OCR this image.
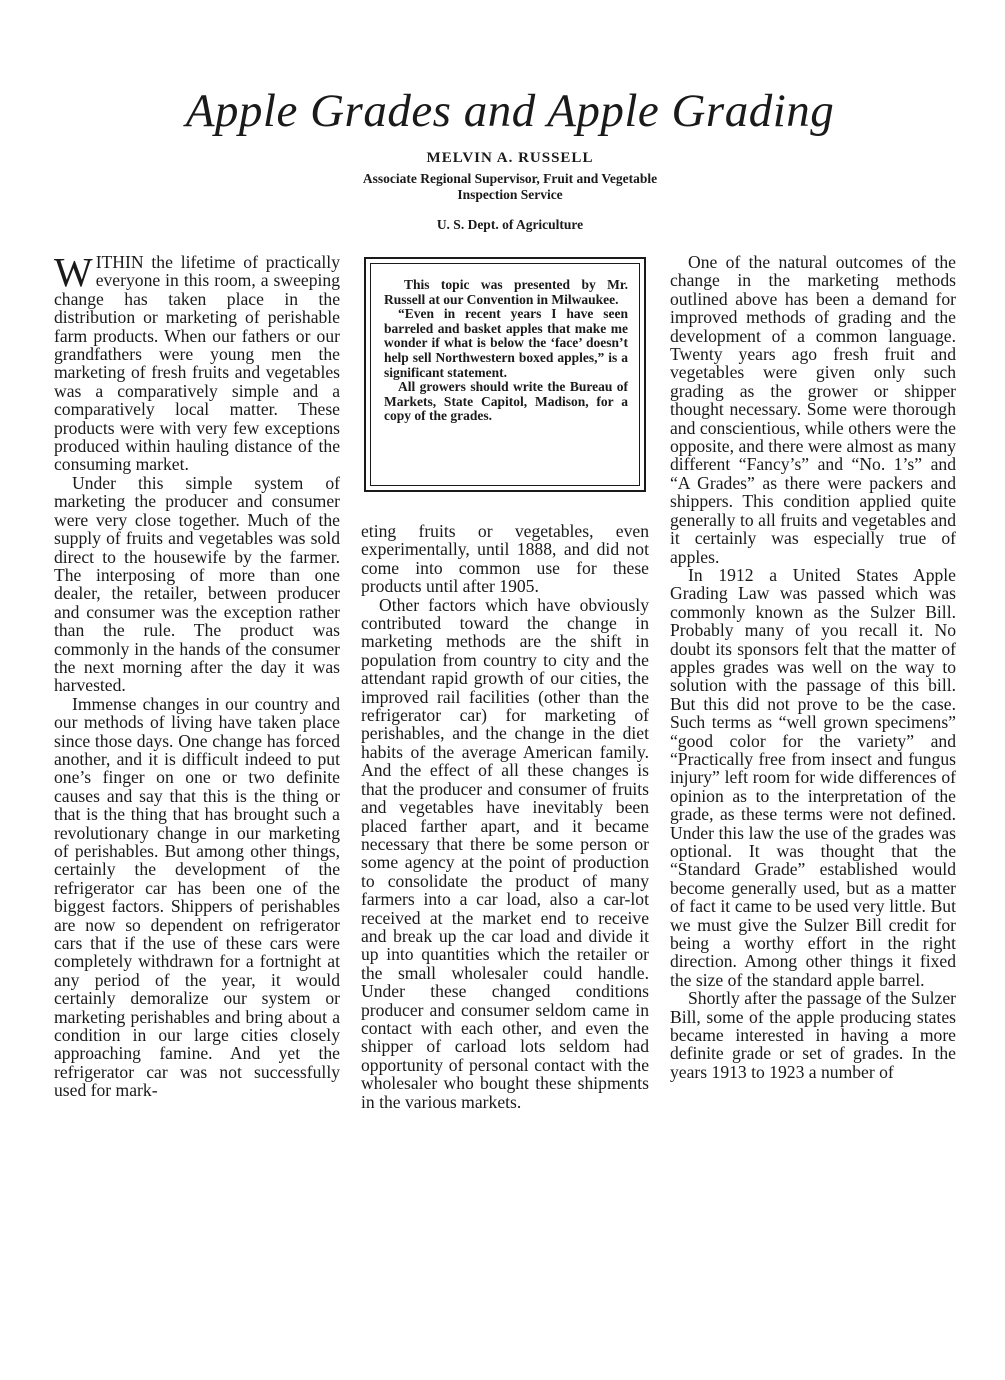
Apple Grades and Apple Grading
MELVIN A. RUSSELL
Associate Regional Supervisor, Fruit and Vegetable Inspection Service
U. S. Dept. of Agriculture

WITHIN the lifetime of practically everyone in this room, a sweeping change has taken place in the distribution or marketing of perishable farm products. When our fathers or our grandfathers were young men the marketing of fresh fruits and vegetables was a comparatively simple and a comparatively local matter. These products were with very few exceptions produced within hauling distance of the consuming market.

Under this simple system of marketing the producer and consumer were very close together. Much of the supply of fruits and vegetables was sold direct to the housewife by the farmer. The interposing of more than one dealer, the retailer, between producer and consumer was the exception rather than the rule. The product was commonly in the hands of the consumer the next morning after the day it was harvested.

Immense changes in our country and our methods of living have taken place since those days. One change has forced another, and it is difficult indeed to put one’s finger on one or two definite causes and say that this is the thing or that is the thing that has brought such a revolutionary change in our marketing of perishables. But among other things, certainly the development of the refrigerator car has been one of the biggest factors. Shippers of perishables are now so dependent on refrigerator cars that if the use of these cars were completely withdrawn for a fortnight at any period of the year, it would certainly demoralize our system or marketing perishables and bring about a condition in our large cities closely approaching famine. And yet the refrigerator car was not successfully used for mark-

This topic was presented by Mr. Russell at our Convention in Milwaukee.

“Even in recent years I have seen barreled and basket apples that make me wonder if what is below the ‘face’ doesn’t help sell Northwestern boxed apples,” is a significant statement.

All growers should write the Bureau of Markets, State Capitol, Madison, for a copy of the grades.

eting fruits or vegetables, even experimentally, until 1888, and did not come into common use for these products until after 1905.

Other factors which have obviously contributed toward the change in marketing methods are the shift in population from country to city and the attendant rapid growth of our cities, the improved rail facilities (other than the refrigerator car) for marketing of perishables, and the change in the diet habits of the average American family. And the effect of all these changes is that the producer and consumer of fruits and vegetables have inevitably been placed farther apart, and it became necessary that there be some person or some agency at the point of production to consolidate the product of many farmers into a car load, also a car-lot received at the market end to receive and break up the car load and divide it up into quantities which the retailer or the small wholesaler could handle. Under these changed conditions producer and consumer seldom came in contact with each other, and even the shipper of carload lots seldom had opportunity of personal contact with the wholesaler who bought these shipments in the various markets.

One of the natural outcomes of the change in the marketing methods outlined above has been a demand for improved methods of grading and the development of a common language. Twenty years ago fresh fruit and vegetables were given only such grading as the grower or shipper thought necessary. Some were thorough and conscientious, while others were the opposite, and there were almost as many different “Fancy’s” and “No. 1’s” and “A Grades” as there were packers and shippers. This condition applied quite generally to all fruits and vegetables and it certainly was especially true of apples.

In 1912 a United States Apple Grading Law was passed which was commonly known as the Sulzer Bill. Probably many of you recall it. No doubt its sponsors felt that the matter of apples grades was well on the way to solution with the passage of this bill. But this did not prove to be the case. Such terms as “well grown specimens” “good color for the variety” and “Practically free from insect and fungus injury” left room for wide differences of opinion as to the interpretation of the grade, as these terms were not defined. Under this law the use of the grades was optional. It was thought that the “Standard Grade” established would become generally used, but as a matter of fact it came to be used very little. But we must give the Sulzer Bill credit for being a worthy effort in the right direction. Among other things it fixed the size of the standard apple barrel.

Shortly after the passage of the Sulzer Bill, some of the apple producing states became interested in having a more definite grade or set of grades. In the years 1913 to 1923 a number of
